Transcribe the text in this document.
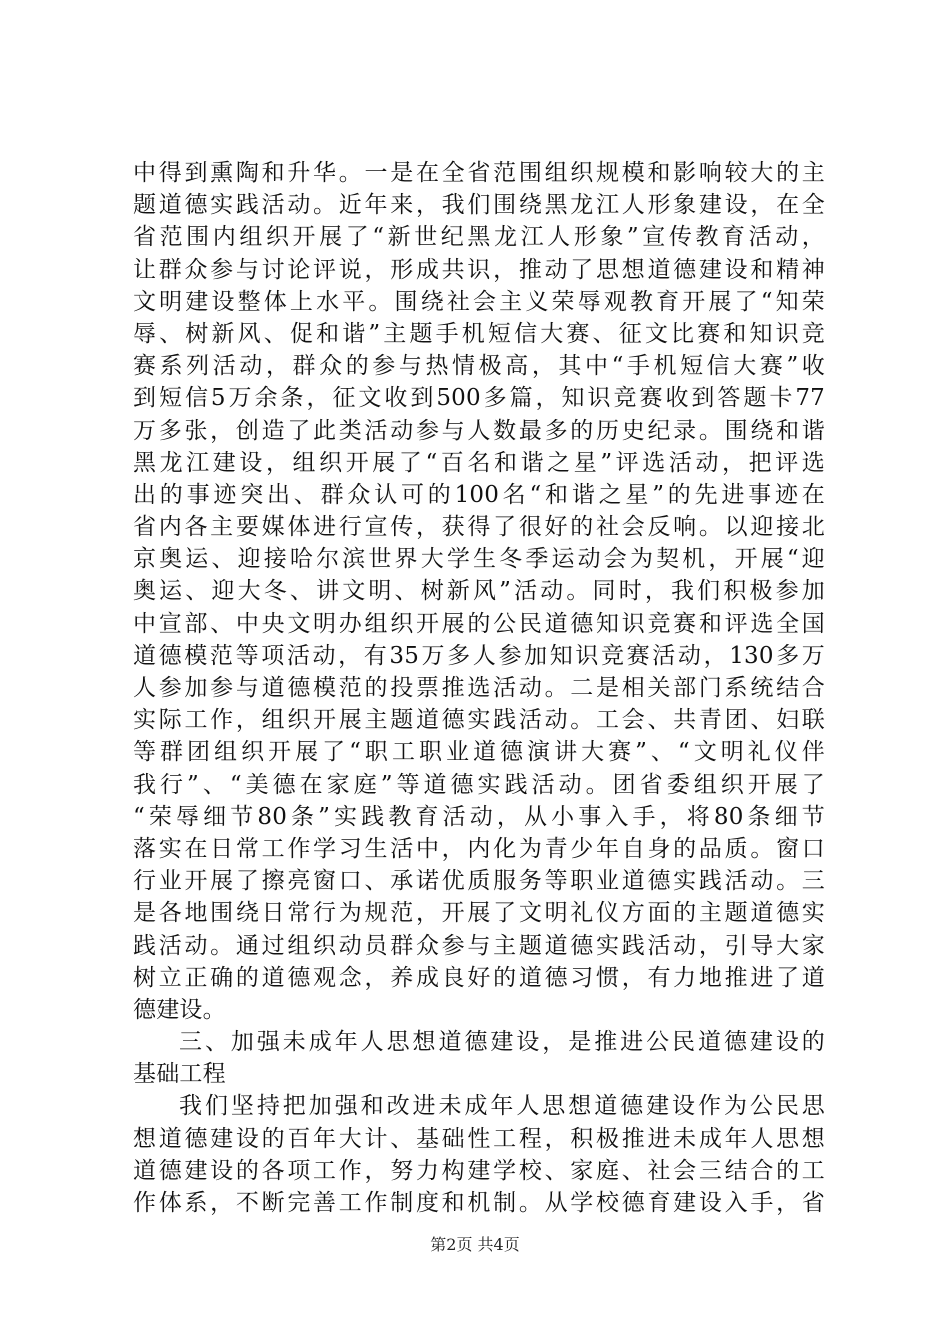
中得到熏陶和升华。一是在全省范围组织规模和影响较大的主
题道德实践活动。近年来，我们围绕黑龙江人形象建设，在全
省范围内组织开展了“新世纪黑龙江人形象”宣传教育活动，
让群众参与讨论评说，形成共识，推动了思想道德建设和精神
文明建设整体上水平。围绕社会主义荣辱观教育开展了“知荣
辱、树新风、促和谐”主题手机短信大赛、征文比赛和知识竞
赛系列活动，群众的参与热情极高，其中“手机短信大赛”收
到短信5万余条，征文收到500多篇，知识竞赛收到答题卡77
万多张，创造了此类活动参与人数最多的历史纪录。围绕和谐
黑龙江建设，组织开展了“百名和谐之星”评选活动，把评选
出的事迹突出、群众认可的100名“和谐之星”的先进事迹在
省内各主要媒体进行宣传，获得了很好的社会反响。以迎接北
京奥运、迎接哈尔滨世界大学生冬季运动会为契机，开展“迎
奥运、迎大冬、讲文明、树新风”活动。同时，我们积极参加
中宣部、中央文明办组织开展的公民道德知识竞赛和评选全国
道德模范等项活动，有35万多人参加知识竞赛活动，130多万
人参加参与道德模范的投票推选活动。二是相关部门系统结合
实际工作，组织开展主题道德实践活动。工会、共青团、妇联
等群团组织开展了“职工职业道德演讲大赛”、“文明礼仪伴
我行”、“美德在家庭”等道德实践活动。团省委组织开展了
“荣辱细节80条”实践教育活动，从小事入手，将80条细节
落实在日常工作学习生活中，内化为青少年自身的品质。窗口
行业开展了擦亮窗口、承诺优质服务等职业道德实践活动。三
是各地围绕日常行为规范，开展了文明礼仪方面的主题道德实
践活动。通过组织动员群众参与主题道德实践活动，引导大家
树立正确的道德观念，养成良好的道德习惯，有力地推进了道
德建设。
三、加强未成年人思想道德建设，是推进公民道德建设的
基础工程
我们坚持把加强和改进未成年人思想道德建设作为公民思
想道德建设的百年大计、基础性工程，积极推进未成年人思想
道德建设的各项工作，努力构建学校、家庭、社会三结合的工
作体系，不断完善工作制度和机制。从学校德育建设入手，省
第2页 共4页
